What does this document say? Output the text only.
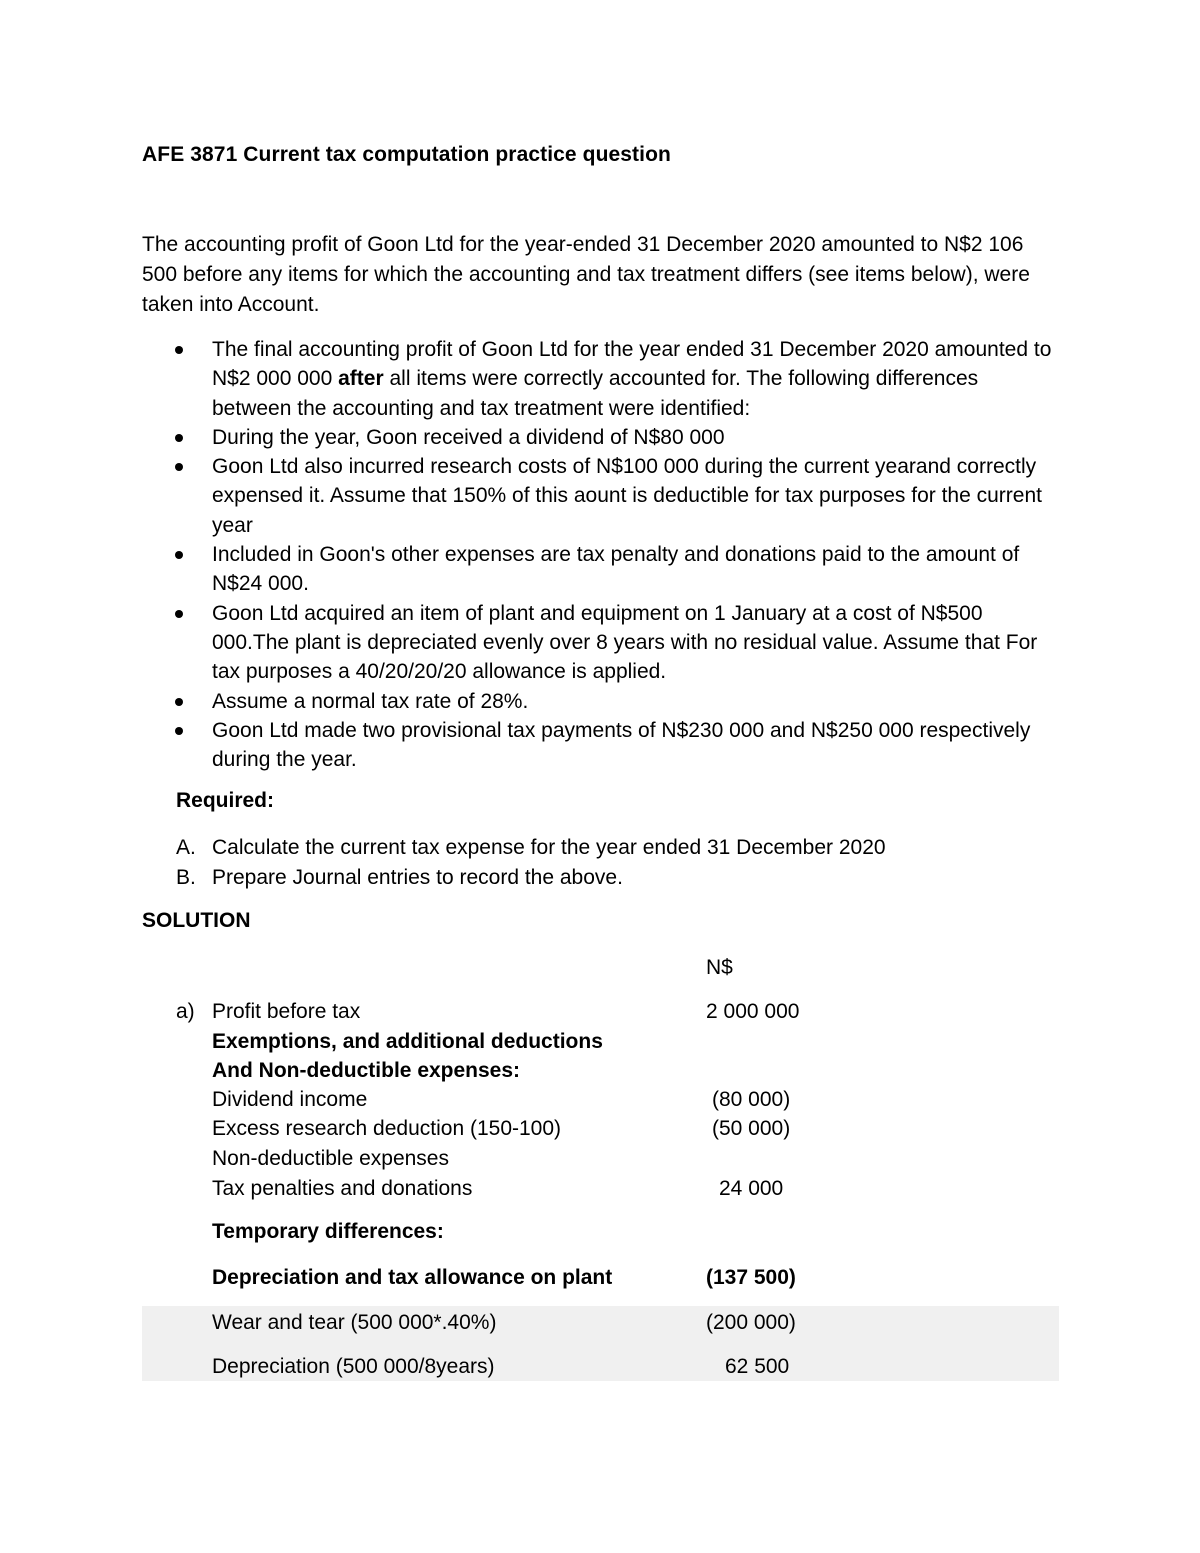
AFE 3871 Current tax computation practice question
The accounting profit of Goon Ltd for the year-ended 31 December 2020 amounted to N$2 106 500 before any items for which the accounting and tax treatment differs (see items below), were taken into Account.
The final accounting profit of Goon Ltd for the year ended 31 December 2020 amounted to N$2 000 000 after all items were correctly accounted for. The following differences between the accounting and tax treatment were identified:
During the year, Goon received a dividend of N$80 000
Goon Ltd also incurred research costs of N$100 000 during the current yearand correctly expensed it. Assume that 150% of this aount is deductible for tax purposes for the current year
Included in Goon's other expenses are tax penalty and donations paid to the amount of N$24 000.
Goon Ltd acquired an item of plant and equipment on 1 January at a cost of N$500 000.The plant is depreciated evenly over 8 years with no residual value. Assume that For tax purposes a 40/20/20/20 allowance is applied.
Assume a normal tax rate of 28%.
Goon Ltd made two provisional tax payments of N$230 000 and N$250 000 respectively during the year.
Required:
A. Calculate the current tax expense for the year ended 31 December 2020
B. Prepare Journal entries to record the above.
SOLUTION
N$
a) Profit before tax	2 000 000
Exemptions, and additional deductions
And Non-deductible expenses:
Dividend income	(80 000)
Excess research deduction (150-100)	(50 000)
Non-deductible expenses
Tax penalties and donations	24 000
Temporary differences:
Depreciation and tax allowance on plant	(137 500)
Wear and tear (500 000*.40%)	(200 000)
Depreciation (500 000/8years)	62 500
